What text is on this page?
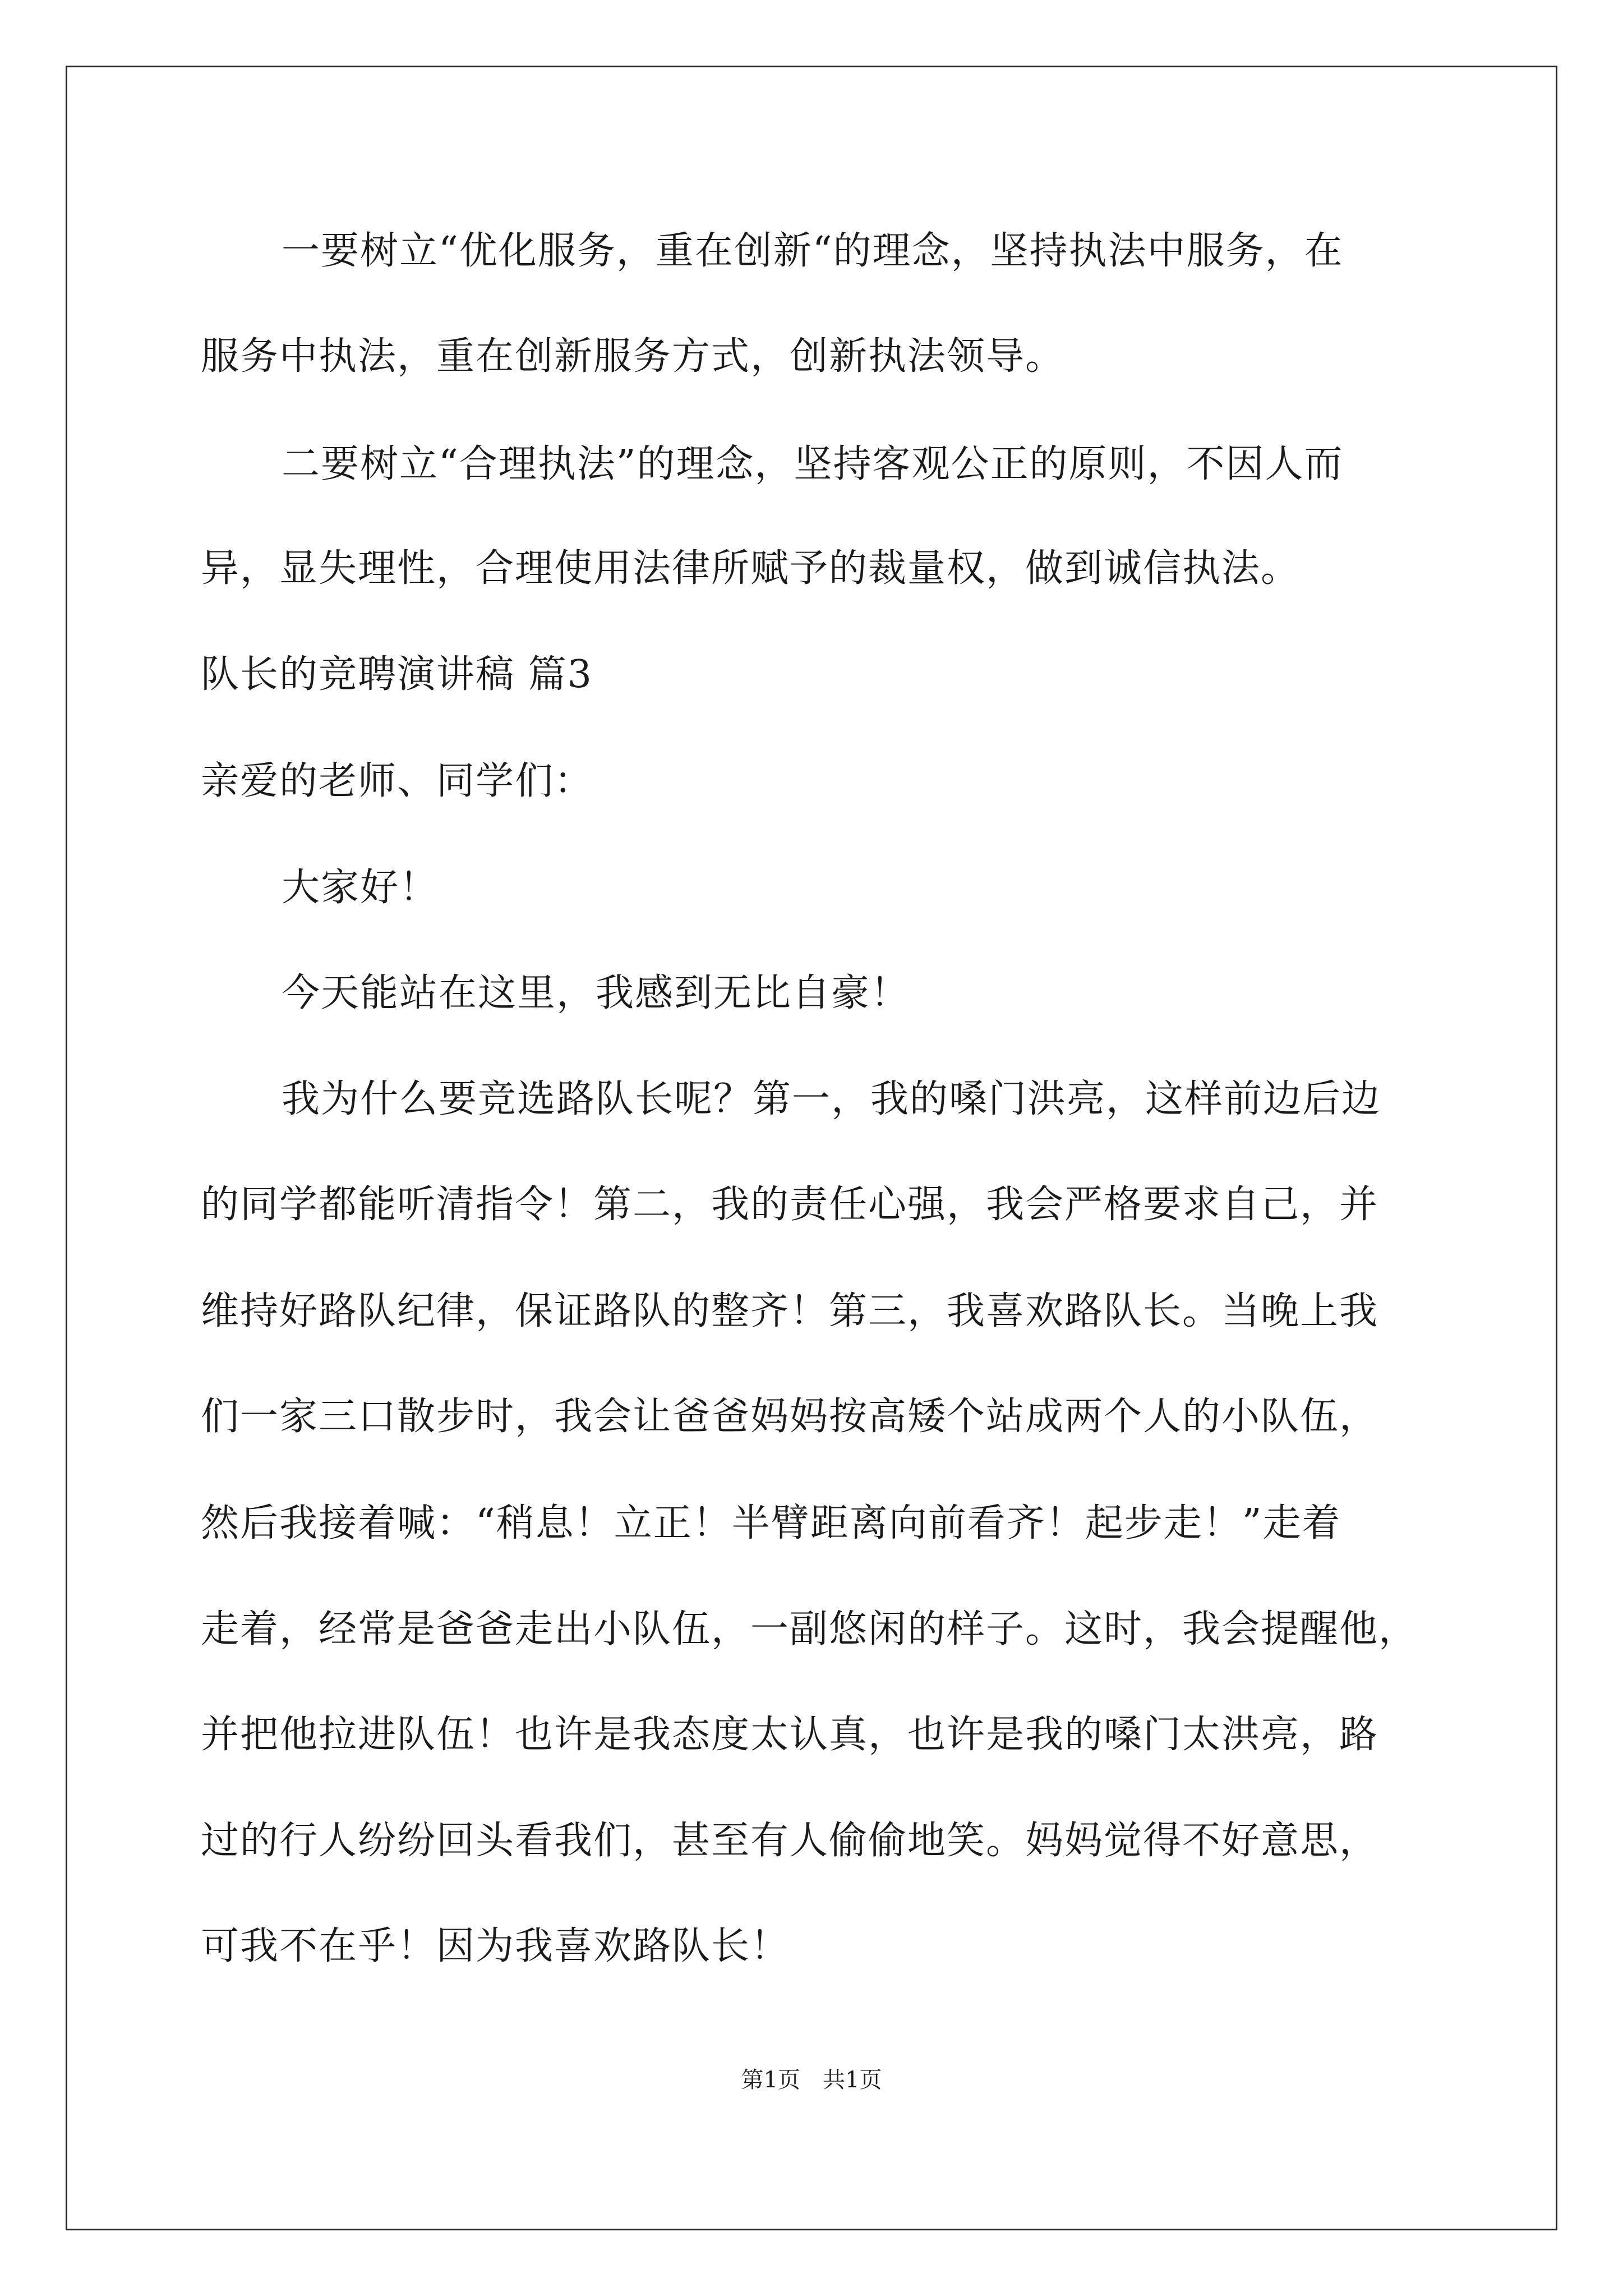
一要树立“优化服务，重在创新“的理念，坚持执法中服务，在
服务中执法，重在创新服务方式，创新执法领导。
二要树立“合理执法”的理念，坚持客观公正的原则，不因人而
异，显失理性，合理使用法律所赋予的裁量权，做到诚信执法。
队长的竞聘演讲稿 篇3
亲爱的老师、同学们：
大家好！
今天能站在这里，我感到无比自豪！
我为什么要竞选路队长呢？第一，我的嗓门洪亮，这样前边后边
的同学都能听清指令！第二，我的责任心强，我会严格要求自己，并
维持好路队纪律，保证路队的整齐！第三，我喜欢路队长。当晚上我
们一家三口散步时，我会让爸爸妈妈按高矮个站成两个人的小队伍，
然后我接着喊：“稍息！立正！半臂距离向前看齐！起步走！”走着
走着，经常是爸爸走出小队伍，一副悠闲的样子。这时，我会提醒他，
并把他拉进队伍！也许是我态度太认真，也许是我的嗓门太洪亮，路
过的行人纷纷回头看我们，甚至有人偷偷地笑。妈妈觉得不好意思，
可我不在乎！因为我喜欢路队长！
第1页　共1页
